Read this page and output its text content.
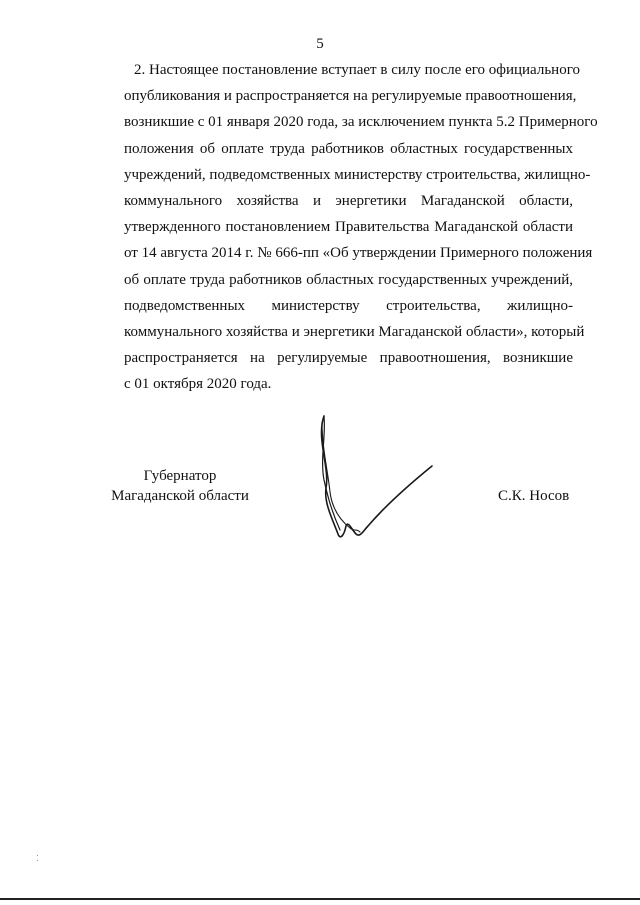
5
2. Настоящее постановление вступает в силу после его официального
опубликования и распространяется на регулируемые правоотношения,
возникшие с 01 января 2020 года, за исключением пункта 5.2 Примерного
положения об оплате труда работников областных государственных
учреждений, подведомственных министерству строительства, жилищно-
коммунального хозяйства и энергетики Магаданской области,
утвержденного постановлением Правительства Магаданской области
от 14 августа 2014 г. № 666-пп «Об утверждении Примерного положения
об оплате труда работников областных государственных учреждений,
подведомственных министерству строительства, жилищно-
коммунального хозяйства и энергетики Магаданской области», который
распространяется на регулируемые правоотношения, возникшие
с 01 октября 2020 года.
Губернатор
Магаданской области	С.К. Носов
